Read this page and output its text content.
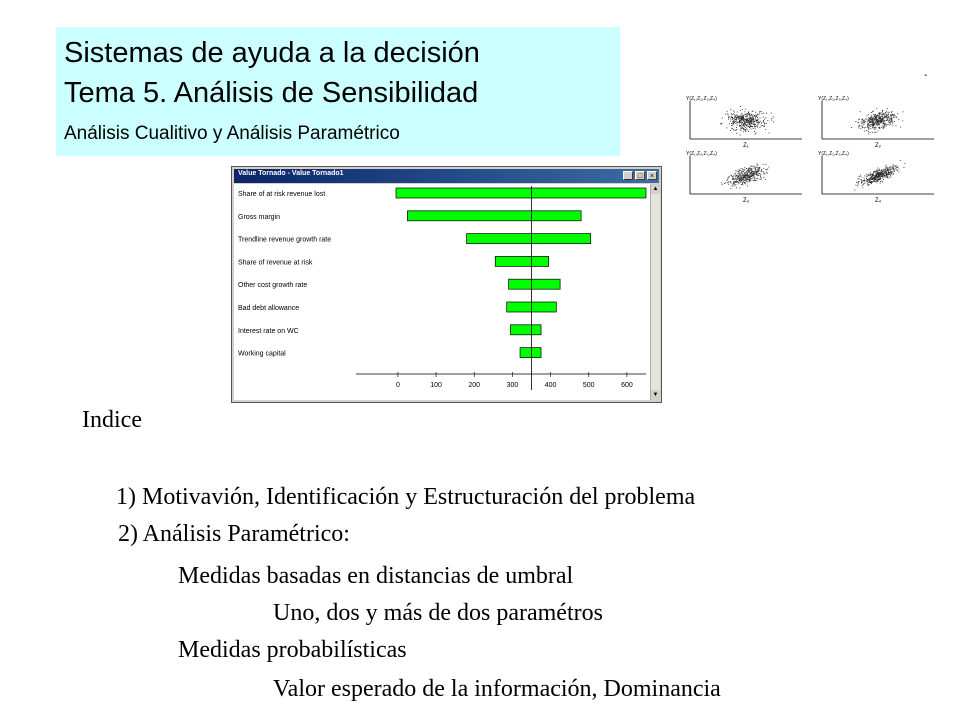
Sistemas de ayuda a la decisión
Tema 5. Análisis de Sensibilidad
Análisis Cualitivo y Análisis Paramétrico
-
Y(Z₁,Z₂,Z₃,Z₄)
Z₁
Y(Z₁,Z₂,Z₃,Z₄)
Z₂
Y(Z₁,Z₂,Z₃,Z₄)
Z₃
Y(Z₁,Z₂,Z₃,Z₄)
Z₄
Value Tornado - Value Tornado1	_	□	×
Share of at risk revenue lost
Gross margin
Trendline revenue growth rate
Share of revenue at risk
Other cost growth rate
Bad debt allowance
Interest rate on WC
Working capital
0	100	200	300	400	500	600
▲
▼
Indice
1) Motivavión, Identificación y Estructuración del problema
2) Análisis Paramétrico:
Medidas basadas en distancias de umbral
Uno, dos y más de dos paramétros
Medidas probabilísticas
Valor esperado de la información, Dominancia
